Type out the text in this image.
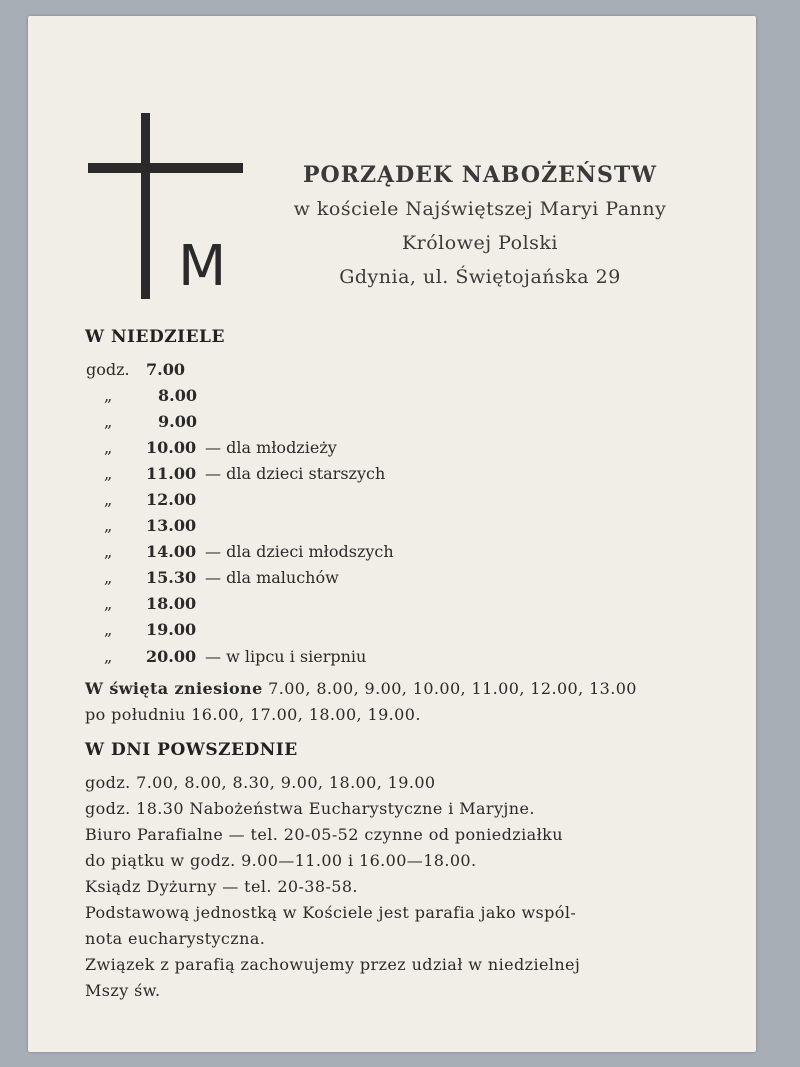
M
PORZĄDEK NABOŻEŃSTW
w kościele Najświętszej Maryi Panny
Królowej Polski
Gdynia, ul. Świętojańska 29
W NIEDZIELE
godz. 7.00
„	8.00
„	9.00
„ 10.00 — dla młodzieży
„ 11.00 — dla dzieci starszych
„ 12.00
„ 13.00
„ 14.00 — dla dzieci młodszych
„ 15.30 — dla maluchów
„ 18.00
„ 19.00
„ 20.00 — w lipcu i sierpniu
W święta zniesione 7.00, 8.00, 9.00, 10.00, 11.00, 12.00, 13.00
po południu 16.00, 17.00, 18.00, 19.00.
W DNI POWSZEDNIE
godz. 7.00, 8.00, 8.30, 9.00, 18.00, 19.00
godz. 18.30 Nabożeństwa Eucharystyczne i Maryjne.
Biuro Parafialne — tel. 20-05-52 czynne od poniedziałku
do piątku w godz. 9.00—11.00 i 16.00—18.00.
Ksiądz Dyżurny — tel. 20-38-58.
Podstawową jednostką w Kościele jest parafia jako wspól-
nota eucharystyczna.
Związek z parafią zachowujemy przez udział w niedzielnej
Mszy św.
